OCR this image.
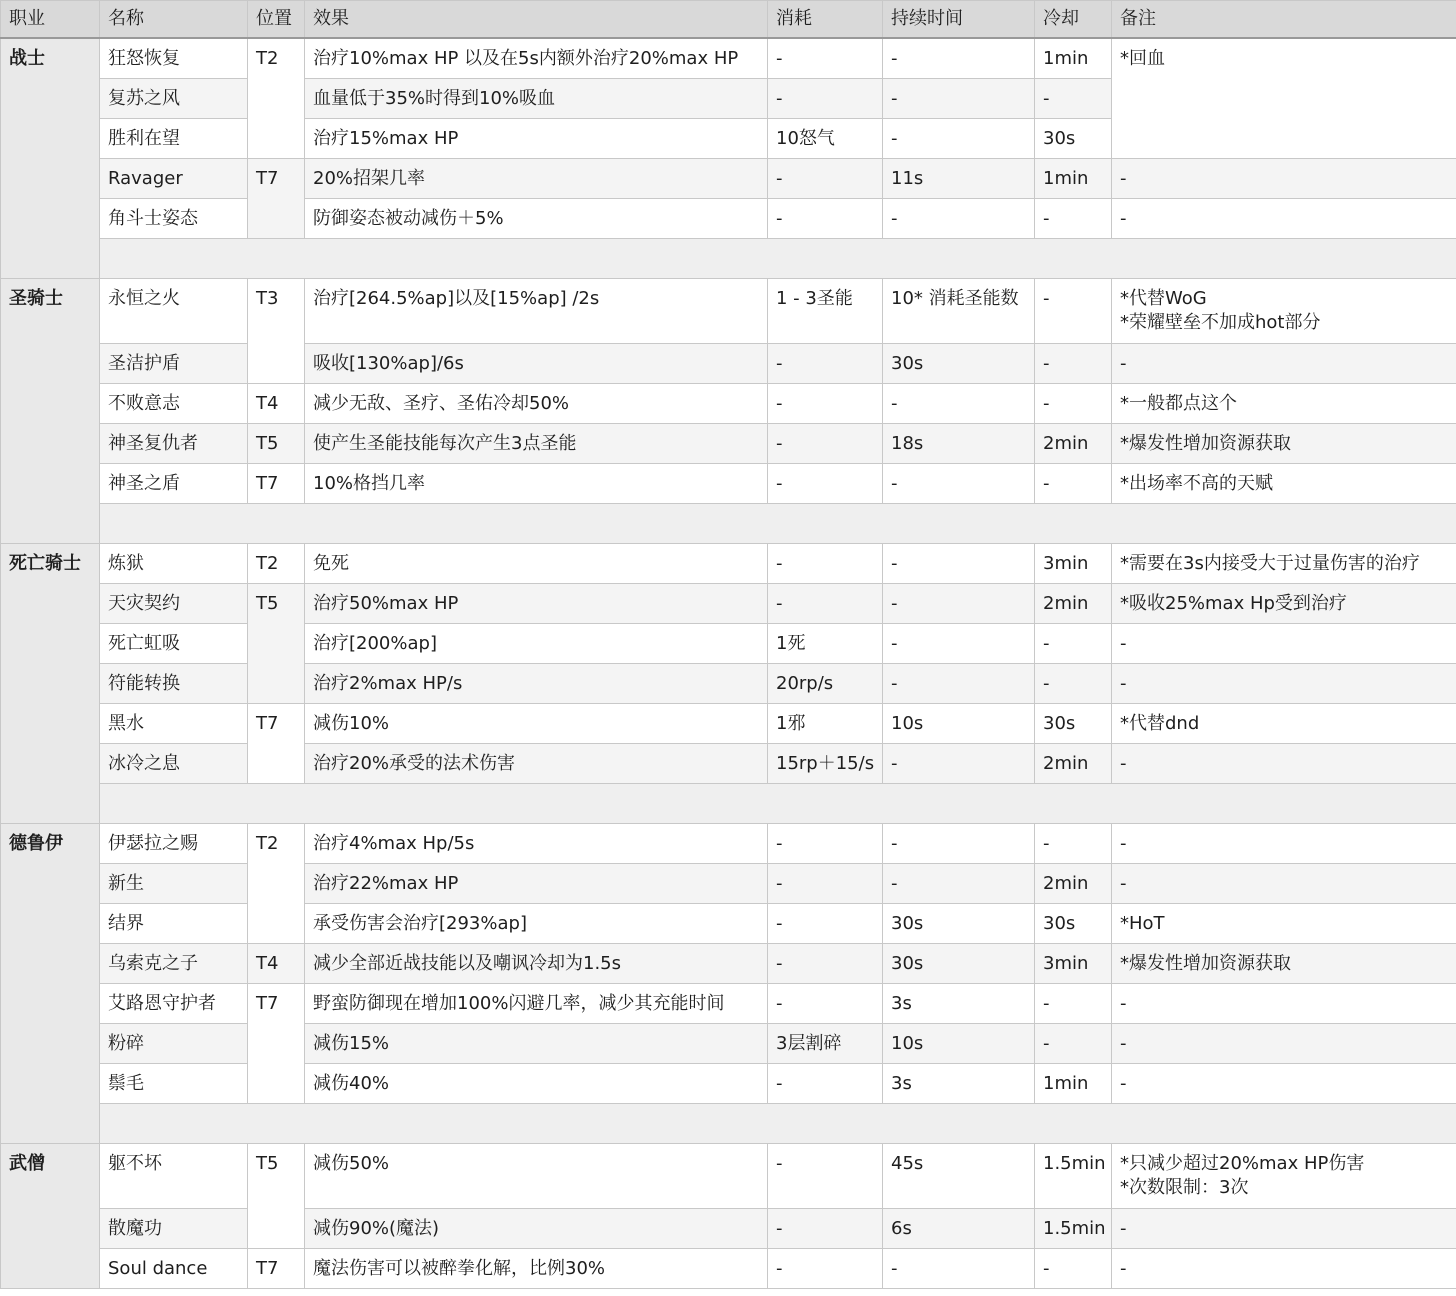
职业	名称	位置	效果	消耗	持续时间	冷却	备注
战士	狂怒恢复	T2	治疗10%max HP 以及在5s内额外治疗20%max HP	-	-	1min	*回血
	复苏之风		血量低于35%时得到10%吸血	-	-	-	
	胜利在望		治疗15%max HP	10怒气	-	30s	
	Ravager	T7	20%招架几率	-	11s	1min	-
	角斗士姿态		防御姿态被动减伤＋5%	-	-	-	-

圣骑士	永恒之火	T3	治疗[264.5%ap]以及[15%ap] /2s	1 - 3圣能	10* 消耗圣能数	-	*代替WoG
*荣耀壁垒不加成hot部分
	圣洁护盾		吸收[130%ap]/6s	-	30s	-	-
	不败意志	T4	减少无敌、圣疗、圣佑冷却50%	-	-	-	*一般都点这个
	神圣复仇者	T5	使产生圣能技能每次产生3点圣能	-	18s	2min	*爆发性增加资源获取
	神圣之盾	T7	10%格挡几率	-	-	-	*出场率不高的天赋

死亡骑士	炼狱	T2	免死	-	-	3min	*需要在3s内接受大于过量伤害的治疗
	天灾契约	T5	治疗50%max HP	-	-	2min	*吸收25%max Hp受到治疗
	死亡虹吸		治疗[200%ap]	1死	-	-	-
	符能转换		治疗2%max HP/s	20rp/s	-	-	-
	黑水	T7	减伤10%	1邪	10s	30s	*代替dnd
	冰冷之息		治疗20%承受的法术伤害	15rp＋15/s	-	2min	-

德鲁伊	伊瑟拉之赐	T2	治疗4%max Hp/5s	-	-	-	-
	新生		治疗22%max HP	-	-	2min	-
	结界		承受伤害会治疗[293%ap]	-	30s	30s	*HoT
	乌索克之子	T4	减少全部近战技能以及嘲讽冷却为1.5s	-	30s	3min	*爆发性增加资源获取
	艾路恩守护者	T7	野蛮防御现在增加100%闪避几率，减少其充能时间	-	3s	-	-
	粉碎		减伤15%	3层割碎	10s	-	-
	鬃毛		减伤40%	-	3s	1min	-

武僧	躯不坏	T5	减伤50%	-	45s	1.5min	*只减少超过20%max HP伤害
*次数限制：3次
	散魔功		减伤90%(魔法)	-	6s	1.5min	-
	Soul dance	T7	魔法伤害可以被醉拳化解，比例30%	-	-	-	-
